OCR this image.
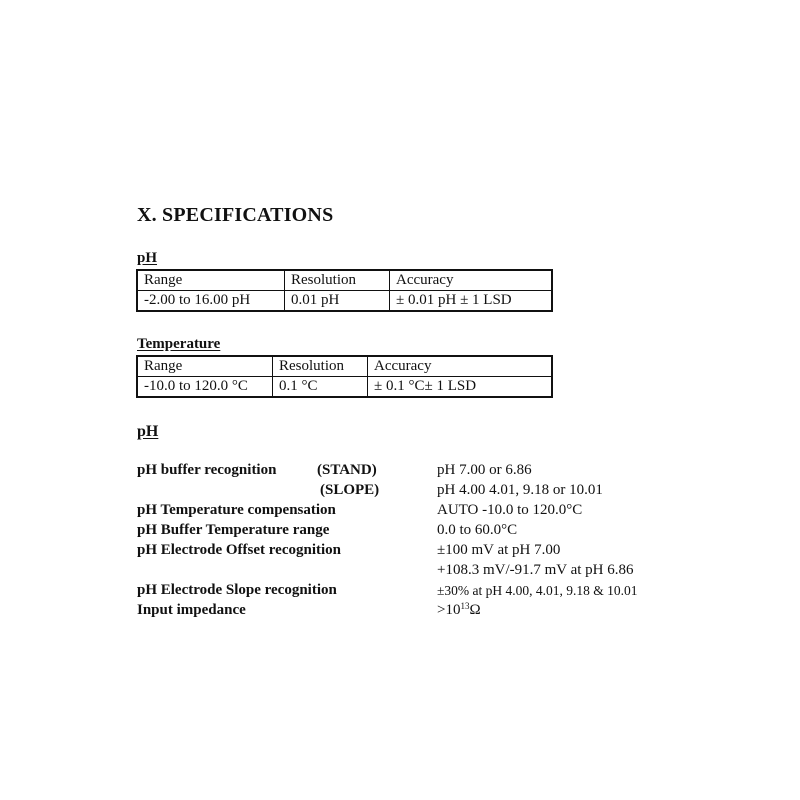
X. SPECIFICATIONS
pH
Range	Resolution	Accuracy
-2.00 to 16.00 pH	0.01 pH	± 0.01 pH ± 1 LSD
Temperature
Range	Resolution	Accuracy
-10.0 to 120.0 °C	0.1 °C	± 0.1 °C± 1 LSD
pH
pH buffer recognition	(STAND)	pH 7.00 or 6.86
(SLOPE)	pH 4.00 4.01, 9.18 or 10.01
pH Temperature compensation	AUTO -10.0 to 120.0°C
pH Buffer Temperature range	0.0 to 60.0°C
pH Electrode Offset recognition	±100 mV at pH 7.00
+108.3 mV/-91.7 mV at pH 6.86
pH Electrode Slope recognition	±30% at pH 4.00, 4.01, 9.18 & 10.01
Input impedance	$>10^{13}\Omega$
